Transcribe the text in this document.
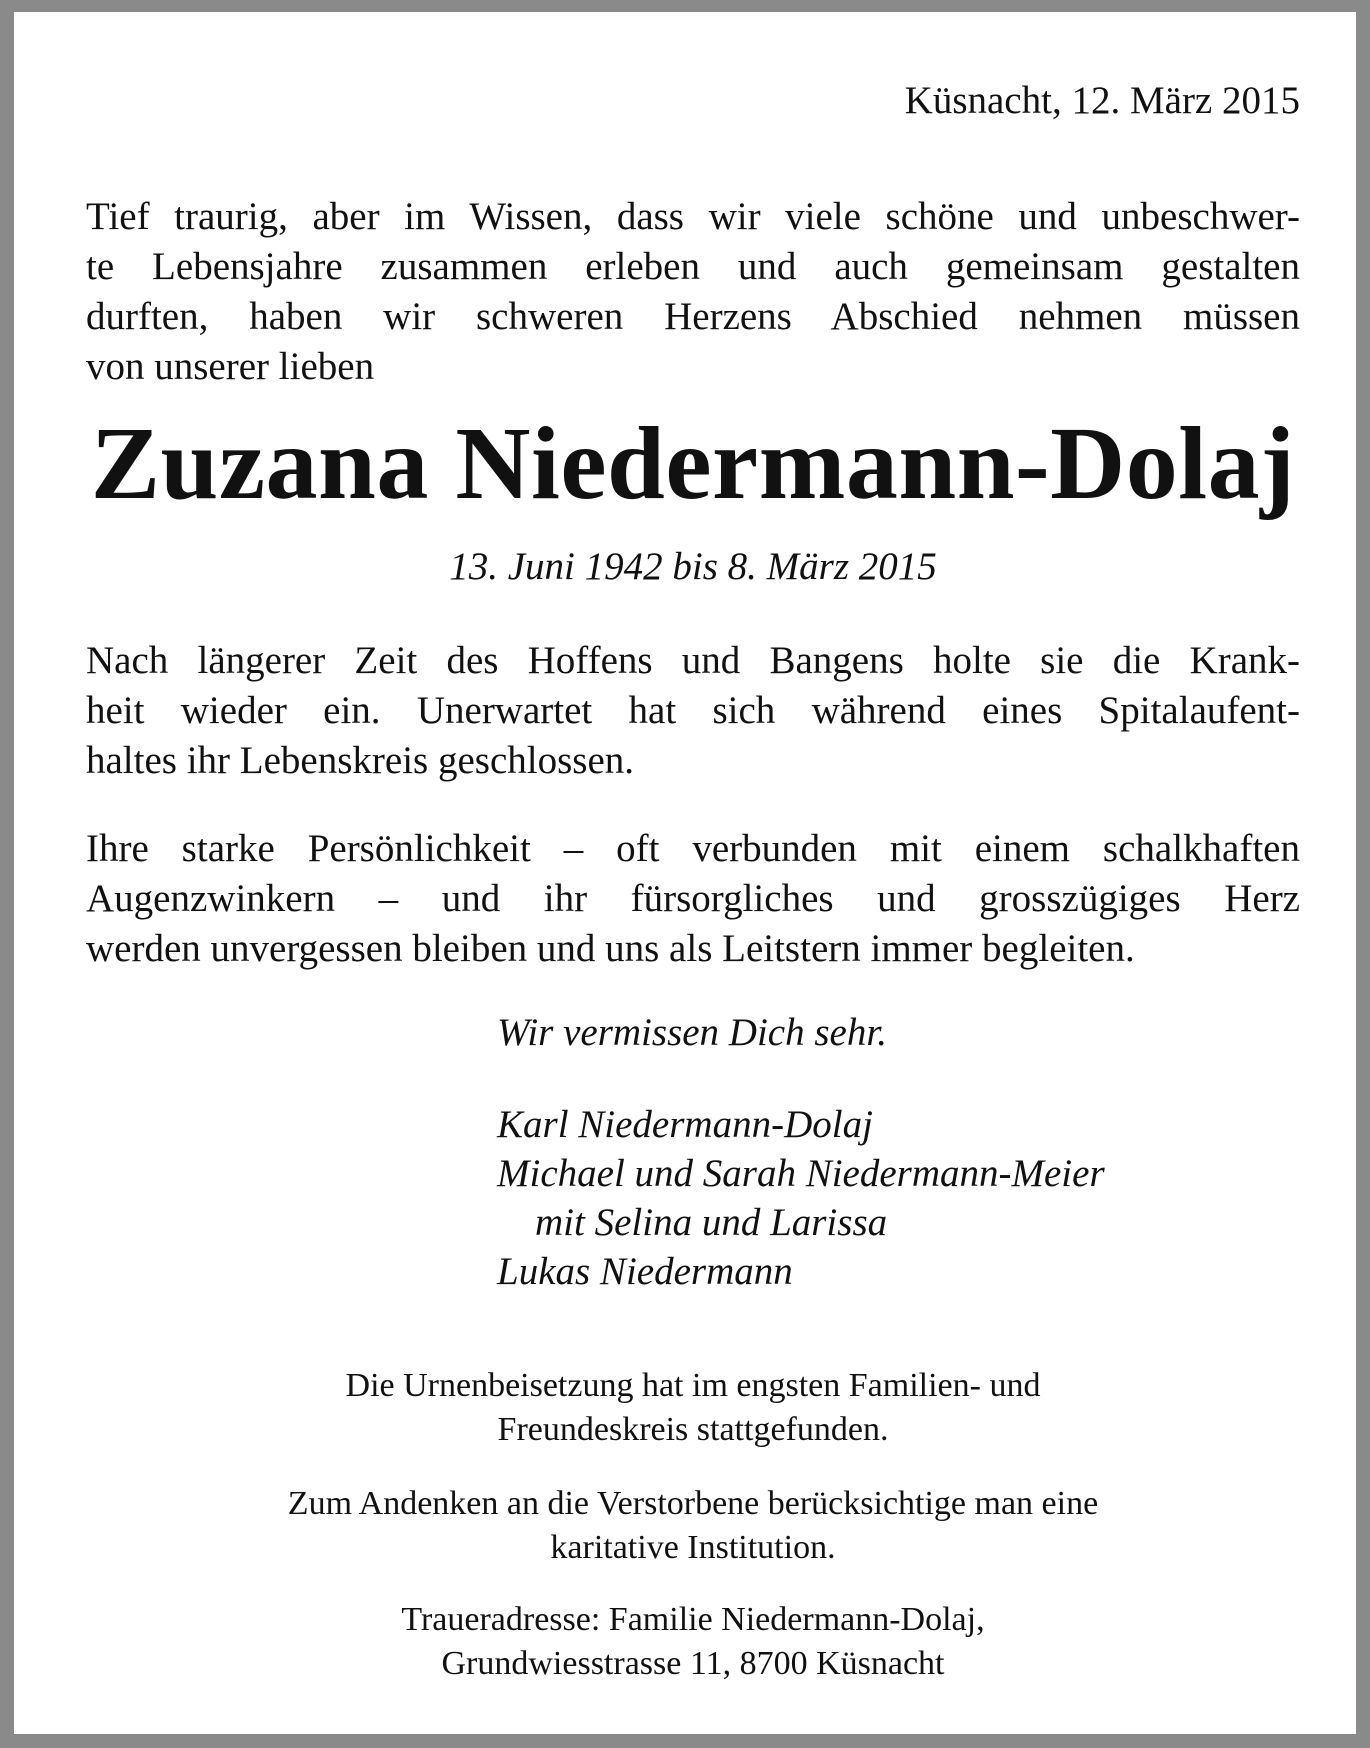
Küsnacht, 12. März 2015

Tief traurig, aber im Wissen, dass wir viele schöne und unbeschwer-
te Lebensjahre zusammen erleben und auch gemeinsam gestalten
durften, haben wir schweren Herzens Abschied nehmen müssen
von unserer lieben

Zuzana Niedermann-Dolaj
13. Juni 1942 bis 8. März 2015

Nach längerer Zeit des Hoffens und Bangens holte sie die Krank-
heit wieder ein. Unerwartet hat sich während eines Spitalaufent-
haltes ihr Lebenskreis geschlossen.

Ihre starke Persönlichkeit – oft verbunden mit einem schalkhaften
Augenzwinkern – und ihr fürsorgliches und grosszügiges Herz
werden unvergessen bleiben und uns als Leitstern immer begleiten.

Wir vermissen Dich sehr.
Karl Niedermann-Dolaj
Michael und Sarah Niedermann-Meier
mit Selina und Larissa
Lukas Niedermann
Die Urnenbeisetzung hat im engsten Familien- und
Freundeskreis stattgefunden.
Zum Andenken an die Verstorbene berücksichtige man eine
karitative Institution.
Traueradresse: Familie Niedermann-Dolaj,
Grundwiesstrasse 11, 8700 Küsnacht
